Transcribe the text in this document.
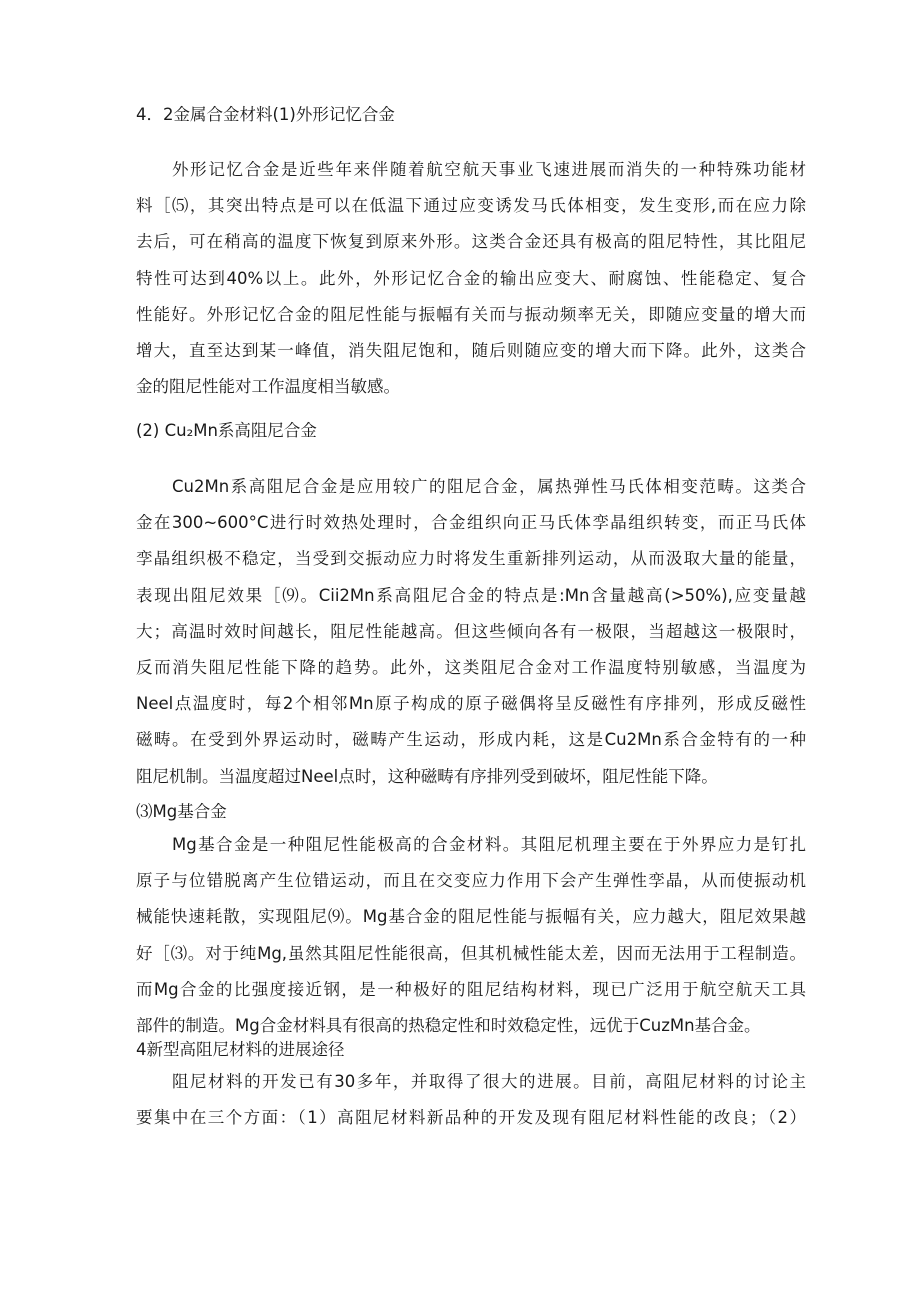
4．2金属合金材料(1)外形记忆合金
外形记忆合金是近些年来伴随着航空航天事业飞速进展而消失的一种特殊功能材
料［⑸，其突出特点是可以在低温下通过应变诱发马氏体相变，发生变形,而在应力除
去后，可在稍高的温度下恢复到原来外形。这类合金还具有极高的阻尼特性，其比阻尼
特性可达到40%以上。此外，外形记忆合金的输出应变大、耐腐蚀、性能稳定、复合
性能好。外形记忆合金的阻尼性能与振幅有关而与振动频率无关，即随应变量的增大而
增大，直至达到某一峰值，消失阻尼饱和，随后则随应变的增大而下降。此外，这类合
金的阻尼性能对工作温度相当敏感。
(2) Cu₂Mn系高阻尼合金
Cu2Mn系高阻尼合金是应用较广的阻尼合金，属热弹性马氏体相变范畴。这类合
金在300~600°C进行时效热处理时，合金组织向正马氏体孪晶组织转变，而正马氏体
孪晶组织极不稳定，当受到交振动应力时将发生重新排列运动，从而汲取大量的能量，
表现出阻尼效果［⑼。Cii2Mn系高阻尼合金的特点是:Mn含量越高(>50%),应变量越
大；高温时效时间越长，阻尼性能越高。但这些倾向各有一极限，当超越这一极限时，
反而消失阻尼性能下降的趋势。此外，这类阻尼合金对工作温度特别敏感，当温度为
Neel点温度时，每2个相邻Mn原子构成的原子磁偶将呈反磁性有序排列，形成反磁性
磁畴。在受到外界运动时，磁畴产生运动，形成内耗，这是Cu2Mn系合金特有的一种
阻尼机制。当温度超过Neel点时，这种磁畴有序排列受到破坏，阻尼性能下降。
⑶Mg基合金
Mg基合金是一种阻尼性能极高的合金材料。其阻尼机理主要在于外界应力是钉扎
原子与位错脱离产生位错运动，而且在交变应力作用下会产生弹性孪晶，从而使振动机
械能快速耗散，实现阻尼⑼。Mg基合金的阻尼性能与振幅有关，应力越大，阻尼效果越
好［⑶。对于纯Mg,虽然其阻尼性能很高，但其机械性能太差，因而无法用于工程制造。
而Mg合金的比强度接近钢，是一种极好的阻尼结构材料，现已广泛用于航空航天工具
部件的制造。Mg合金材料具有很高的热稳定性和时效稳定性，远优于CuzMn基合金。
4新型高阻尼材料的进展途径
阻尼材料的开发已有30多年，并取得了很大的进展。目前，高阻尼材料的讨论主
要集中在三个方面：（1）高阻尼材料新品种的开发及现有阻尼材料性能的改良；（2）
